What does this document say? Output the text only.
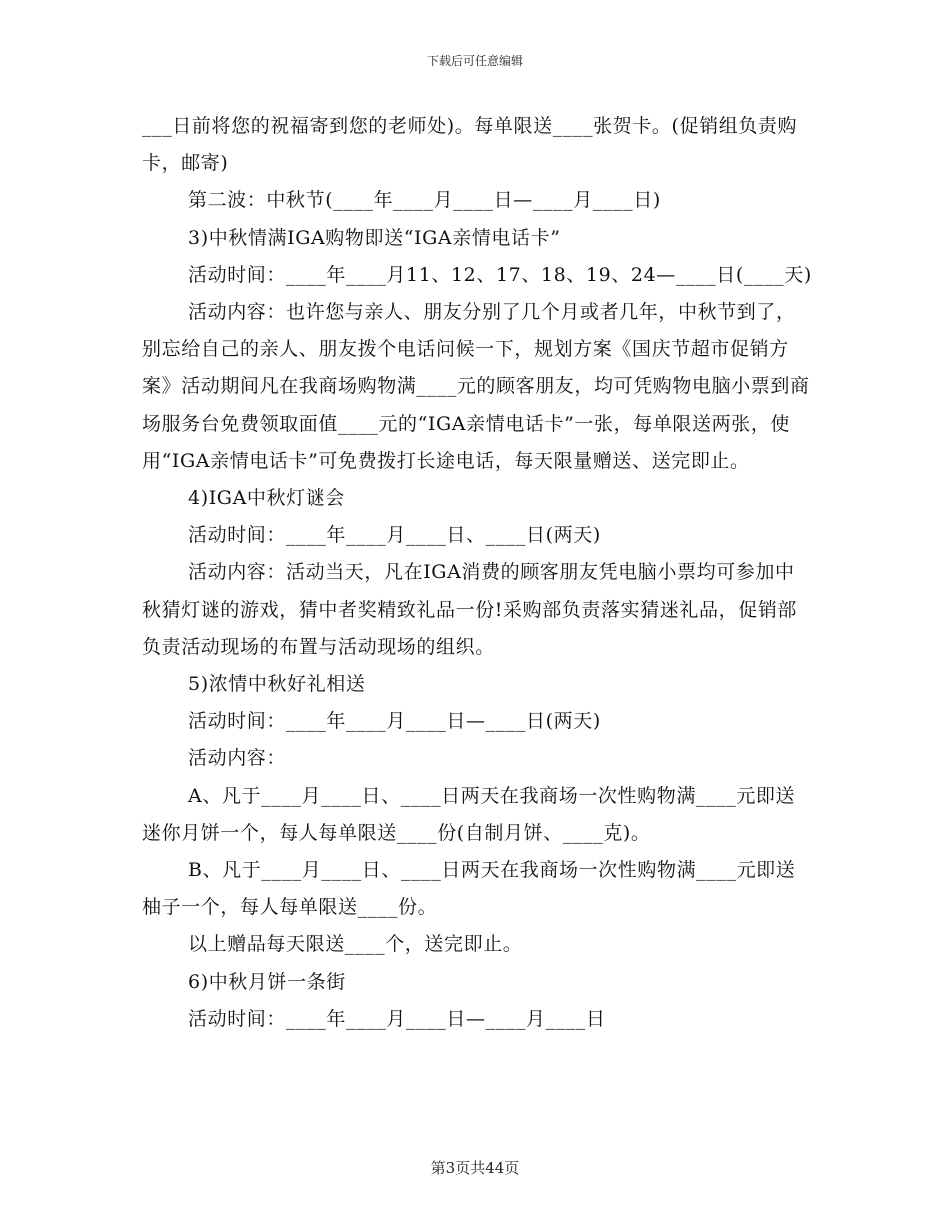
下载后可任意编辑

___日前将您的祝福寄到您的老师处)。每单限送____张贺卡。(促销组负责购卡，邮寄)

第二波：中秋节(____年____月____日—____月____日)

3)中秋情满IGA购物即送“IGA亲情电话卡”

活动时间：____年____月11、12、17、18、19、24—____日(____天)

活动内容：也许您与亲人、朋友分别了几个月或者几年，中秋节到了，别忘给自己的亲人、朋友拨个电话问候一下，规划方案《国庆节超市促销方案》活动期间凡在我商场购物满____元的顾客朋友，均可凭购物电脑小票到商场服务台免费领取面值____元的“IGA亲情电话卡”一张，每单限送两张，使用“IGA亲情电话卡”可免费拨打长途电话，每天限量赠送、送完即止。

4)IGA中秋灯谜会

活动时间：____年____月____日、____日(两天)

活动内容：活动当天，凡在IGA消费的顾客朋友凭电脑小票均可参加中秋猜灯谜的游戏，猜中者奖精致礼品一份!采购部负责落实猜迷礼品，促销部负责活动现场的布置与活动现场的组织。

5)浓情中秋好礼相送

活动时间：____年____月____日—____日(两天)

活动内容：

A、凡于____月____日、____日两天在我商场一次性购物满____元即送迷你月饼一个，每人每单限送____份(自制月饼、____克)。

B、凡于____月____日、____日两天在我商场一次性购物满____元即送柚子一个，每人每单限送____份。

以上赠品每天限送____个，送完即止。

6)中秋月饼一条街

活动时间：____年____月____日—____月____日

第3页共44页
